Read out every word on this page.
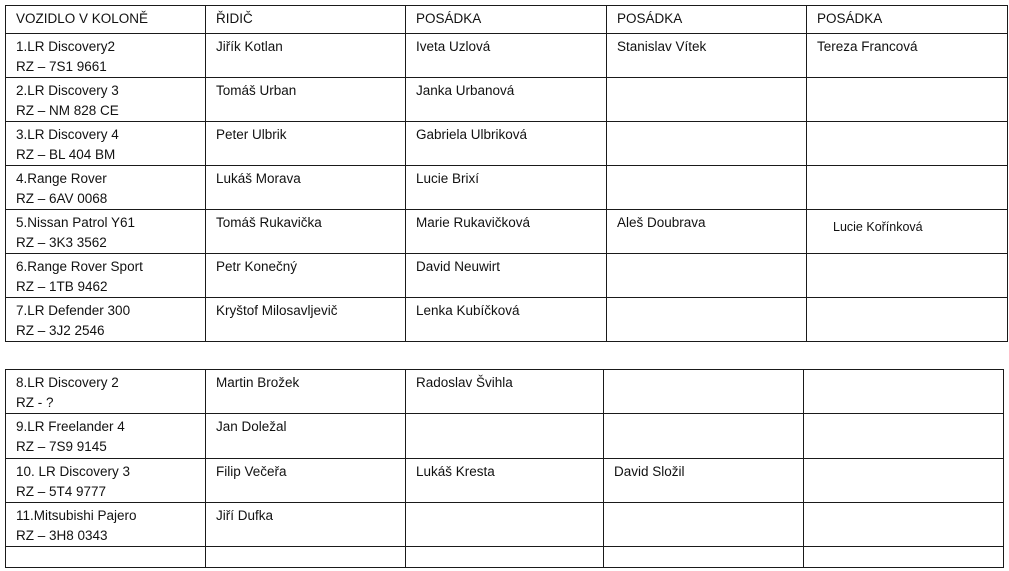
VOZIDLO V KOLONĚ	ŘIDIČ	POSÁDKA	POSÁDKA	POSÁDKA

1.LR Discovery2
RZ – 7S1 9661	Jiřík Kotlan	Iveta Uzlová	Stanislav Vítek	Tereza Francová

2.LR Discovery 3
RZ – NM 828 CE	Tomáš Urban	Janka Urbanová		

3.LR Discovery 4
RZ – BL 404 BM	Peter Ulbrik	Gabriela Ulbriková		

4.Range Rover
RZ – 6AV 0068	Lukáš Morava	Lucie Brixí		

5.Nissan Patrol Y61
RZ – 3K3 3562	Tomáš Rukavička	Marie Rukavičková	Aleš Doubrava	Lucie Kořínková

6.Range Rover Sport
RZ – 1TB 9462	Petr Konečný	David Neuwirt		

7.LR Defender 300
RZ – 3J2 2546	Kryštof Milosavljevič	Lenka Kubíčková		
8.LR Discovery 2
RZ - ?	Martin Brožek	Radoslav Švihla		

9.LR Freelander 4
RZ – 7S9 9145	Jan Doležal			

10. LR Discovery 3
RZ – 5T4 9777	Filip Večeřa	Lukáš Kresta	David Složil	

11.Mitsubishi Pajero
RZ – 3H8 0343	Jiří Dufka			
